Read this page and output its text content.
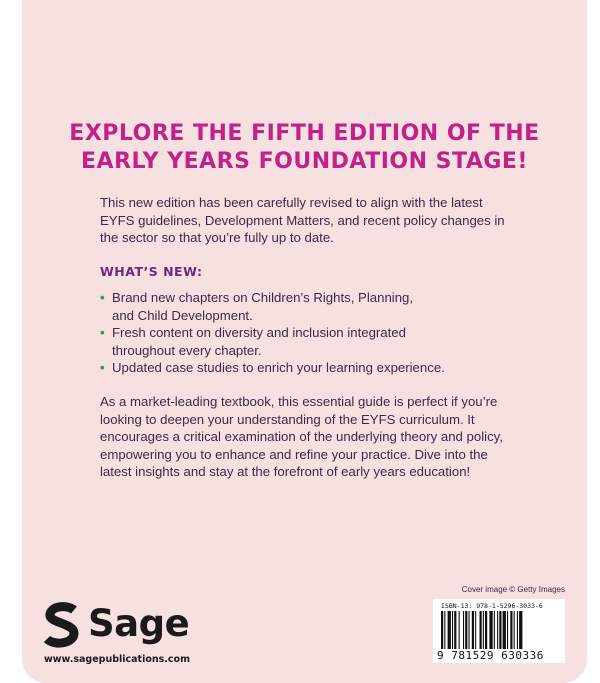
EXPLORE THE FIFTH EDITION OF THE
EARLY YEARS FOUNDATION STAGE!
This new edition has been carefully revised to align with the latest EYFS guidelines, Development Matters, and recent policy changes in the sector so that you’re fully up to date.
WHAT’S NEW:
• Brand new chapters on Children’s Rights, Planning,
and Child Development.
• Fresh content on diversity and inclusion integrated
throughout every chapter.
• Updated case studies to enrich your learning experience.
As a market-leading textbook, this essential guide is perfect if you’re looking to deepen your understanding of the EYFS curriculum. It encourages a critical examination of the underlying theory and policy, empowering you to enhance and refine your practice. Dive into the latest insights and stay at the forefront of early years education!
Cover image © Getty Images
ISBN-13: 978-1-5296-3033-6
9 781529 630336
Sage
www.sagepublications.com
